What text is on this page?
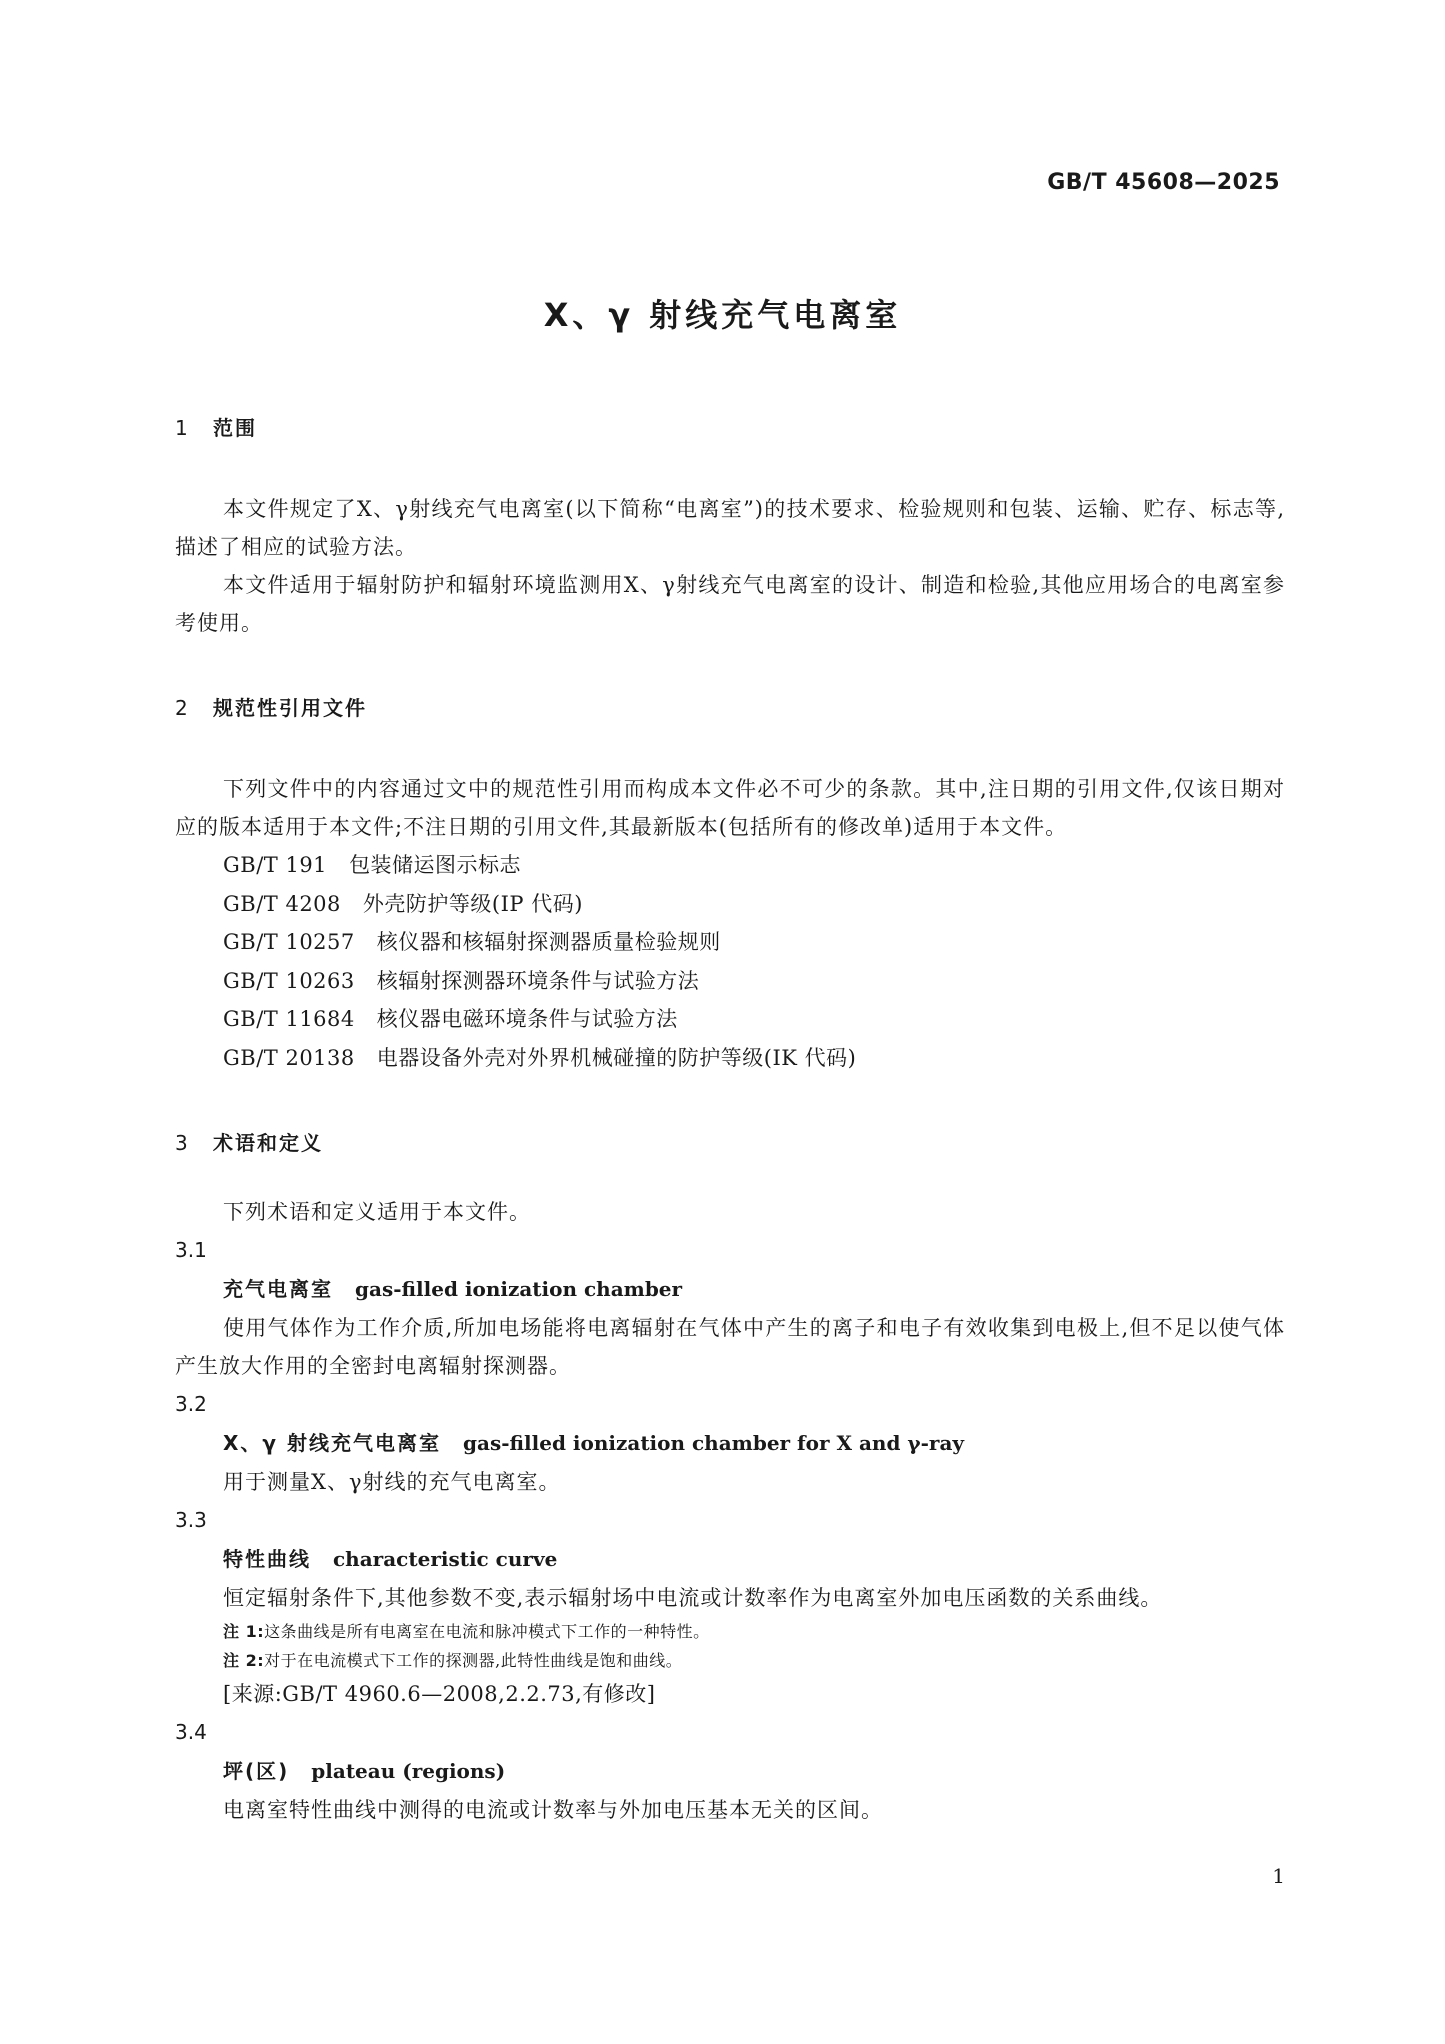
GB/T 45608—2025
X、γ 射线充气电离室
1 范围

本文件规定了X、γ射线充气电离室(以下简称“电离室”)的技术要求、检验规则和包装、运输、贮存、标志等,描述了相应的试验方法。

本文件适用于辐射防护和辐射环境监测用X、γ射线充气电离室的设计、制造和检验,其他应用场合的电离室参考使用。

2 规范性引用文件

下列文件中的内容通过文中的规范性引用而构成本文件必不可少的条款。其中,注日期的引用文件,仅该日期对应的版本适用于本文件;不注日期的引用文件,其最新版本(包括所有的修改单)适用于本文件。

GB/T 191 包装储运图示标志

GB/T 4208 外壳防护等级(IP 代码)

GB/T 10257 核仪器和核辐射探测器质量检验规则

GB/T 10263 核辐射探测器环境条件与试验方法

GB/T 11684 核仪器电磁环境条件与试验方法

GB/T 20138 电器设备外壳对外界机械碰撞的防护等级(IK 代码)

3 术语和定义

下列术语和定义适用于本文件。

3.1

充气电离室 gas-filled ionization chamber

使用气体作为工作介质,所加电场能将电离辐射在气体中产生的离子和电子有效收集到电极上,但不足以使气体产生放大作用的全密封电离辐射探测器。

3.2

X、γ 射线充气电离室 gas-filled ionization chamber for X and γ-ray

用于测量X、γ射线的充气电离室。

3.3

特性曲线 characteristic curve

恒定辐射条件下,其他参数不变,表示辐射场中电流或计数率作为电离室外加电压函数的关系曲线。

注 1:这条曲线是所有电离室在电流和脉冲模式下工作的一种特性。

注 2:对于在电流模式下工作的探测器,此特性曲线是饱和曲线。

[来源:GB/T 4960.6—2008,2.2.73,有修改]

3.4

坪(区) plateau (regions)

电离室特性曲线中测得的电流或计数率与外加电压基本无关的区间。

1
